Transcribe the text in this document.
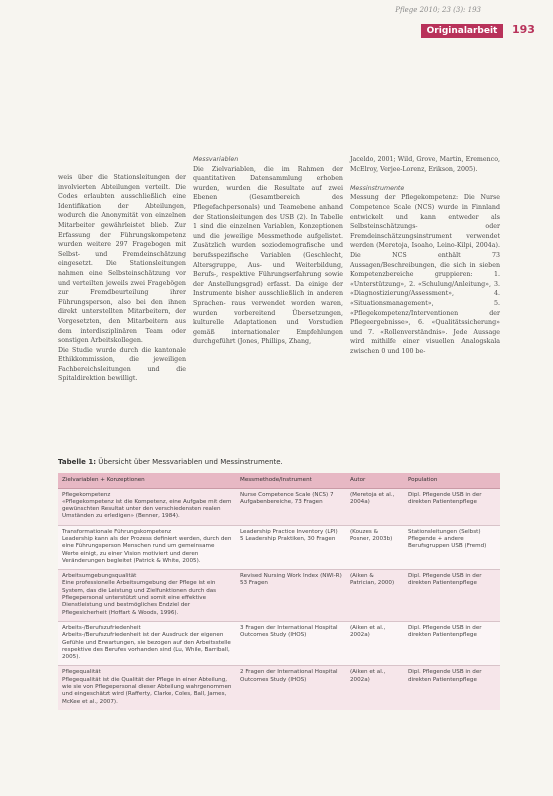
Pflege 2010; 23 (3): 193
Originalarbeit	193

weis über die Stationsleitungen der involvierten Abteilungen verteilt. Die Codes erlaubten ausschließlich eine Identifikation der Abteilungen, wodurch die Anonymität von einzelnen Mitarbeiter gewährleistet blieb. Zur Erfassung der Führungskompetenz wurden weitere 297 Fragebogen mit Selbst- und Fremdeinschätzung eingesetzt. Die Stationsleitungen nahmen eine Selbsteinschätzung vor und verteilten jeweils zwei Fragebögen zur Fremdbeurteilung ihrer Führungsperson, also bei den ihnen direkt unterstellten Mitarbeitern, der Vorgesetzten, den Mitarbeitern aus dem interdisziplinären Team oder sonstigen Arbeitskollegen.

Die Studie wurde durch die kantonale Ethikkommission, die jeweiligen Fachbereichsleitungen und die Spitaldirektion bewilligt.

Messvariablen

Die Zielvariablen, die im Rahmen der quantitativen Datensammlung erhoben wurden, wurden die Resultate auf zwei Ebenen (Gesamtbereich des Pflegefachpersonals) und Teamebene anhand der Stationsleitungen des USB (2). In Tabelle 1 sind die einzelnen Variablen, Konzeptionen und die jeweilige Messmethode aufgelistet. Zusätzlich wurden soziodemografische und berufsspezifische Variablen (Geschlecht, Altersgruppe, Aus- und Weiterbildung, Berufs-, respektive Führungserfahrung sowie der Anstellungsgrad) erfasst. Da einige der Instrumente bisher ausschließlich in anderen Sprachen- raus verwendet worden waren, wurden vorbereitend Übersetzungen, kulturelle Adaptationen und Vorstudien gemäß internationaler Empfehlungen durchgeführt (Jones, Phillips, Zhang,

Jaceldo, 2001; Wild, Grove, Martin, Eremenco, McElroy, Verjee-Lorenz, Erikson, 2005).

Messinstrumente

Messung der Pflegekompetenz: Die Nurse Competence Scale (NCS) wurde in Finnland entwickelt und kann entweder als Selbsteinschätzungs- oder Fremdeinschätzungsinstrument verwendet werden (Meretoja, Isoaho, Leino-Kilpi, 2004a). Die NCS enthält 73 Aussagen/Beschreibungen, die sich in sieben Kompetenzbereiche gruppieren: 1. «Unterstützung», 2. «Schulung/Anleitung», 3. «Diagnostizierung/Assessment», 4. «Situationsmanagement», 5. «Pflegekompetenz/Interventionen der Pflegeergebnisse», 6. «Qualitätssicherung» und 7. «Rollenverständnis». Jede Aussage wird mithilfe einer visuellen Analogskala zwischen 0 und 100 be-

Tabelle 1: Übersicht über Messvariablen und Messinstrumente.
Zielvariablen + Konzeptionen	Messmethode/Instrument	Autor	Population

Pflegekompetenz
«Pflegekompetenz ist die Kompetenz, eine Aufgabe mit dem gewünschten Resultat unter den verschiedensten realen Umständen zu erledigen» (Benner, 1984).	Nurse Competence Scale (NCS) 7 Aufgabenbereiche, 73 Fragen	(Meretoja et al., 2004a)	Dipl. Pflegende USB in der direkten Patientenpflege

Transformationale Führungskompetenz
Leadership kann als der Prozess definiert werden, durch den eine Führungsperson Menschen rund um gemeinsame Werte einigt, zu einer Vision motiviert und deren Veränderungen begleitet (Patrick & White, 2005).	Leadership Practice Inventory (LPI) 5 Leadership Praktiken, 30 Fragen	(Kouzes & Posner, 2003b)	Stationsleitungen (Selbst) Pflegende + andere Berufsgruppen USB (Fremd)

Arbeitsumgebungsqualität
Eine professionelle Arbeitsumgebung der Pflege ist ein System, das die Leistung und Zielfunktionen durch das Pflegepersonal unterstützt und somit eine effektive Dienstleistung und bestmögliches Endziel der Pflegesicherheit (Hoffart & Woods, 1996).	Revised Nursing Work Index (NWI-R) 53 Fragen	(Aiken & Patrician, 2000)	Dipl. Pflegende USB in der direkten Patientenpflege

Arbeits-/Berufszufriedenheit
Arbeits-/Berufszufriedenheit ist der Ausdruck der eigenen Gefühle und Erwartungen, sie bezogen auf den Arbeitsstelle respektive des Berufes vorhanden sind (Lu, While, Barriball, 2005).	3 Fragen der International Hospital Outcomes Study (IHOS)	(Aiken et al., 2002a)	Dipl. Pflegende USB in der direkten Patientenpflege

Pflegequalität
Pflegequalität ist die Qualität der Pflege in einer Abteilung, wie sie von Pflegepersonal dieser Abteilung wahrgenommen und eingeschätzt wird (Rafferty, Clarke, Coles, Ball, James, McKee et al., 2007).	2 Fragen der International Hospital Outcomes Study (IHOS)	(Aiken et al., 2002a)	Dipl. Pflegende USB in der direkten Patientenpflege
